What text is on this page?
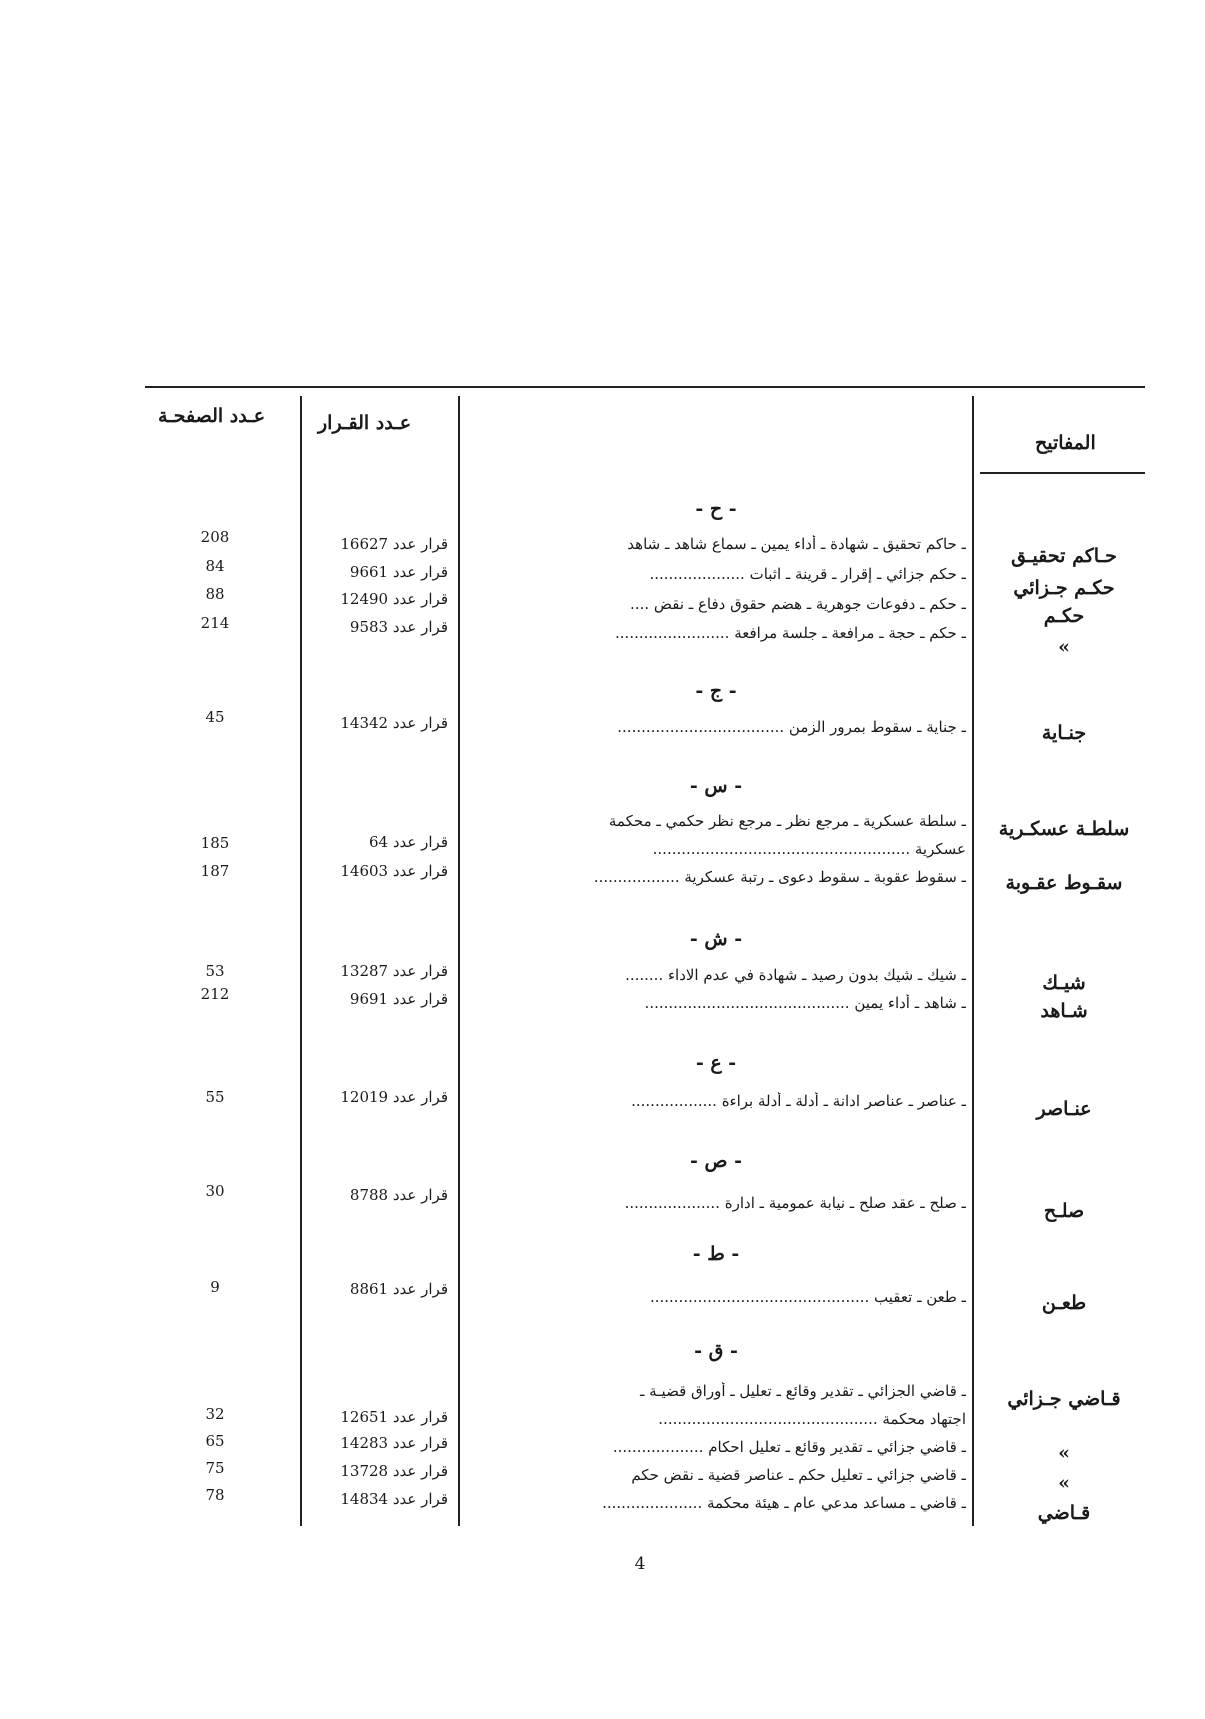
عـدد الصفحـة	عـدد القـرار
المفاتيح
- ح -
حـاكم تحقيـق
ـ حاكم تحقيق ـ شهادة ـ أداء يمين ـ سماع شاهد ـ شاهد
قرار عدد 16627
208
حكـم جـزائي
ـ حكم جزائي ـ إقرار ـ قرينة ـ اثبات ....................
قرار عدد 9661
84
حكـم
ـ حكم ـ دفوعات جوهرية ـ هضم حقوق دفاع ـ نقض ....
قرار عدد 12490
88
»
ـ حكم ـ حجة ـ مرافعة ـ جلسة مرافعة ........................
قرار عدد 9583
214
- ج -
جنـاية
ـ جناية ـ سقوط بمرور الزمن ...................................
قرار عدد 14342
45
- س -
سلطـة عسكـرية
ـ سلطة عسكرية ـ مرجع نظر ـ مرجع نظر حكمي ـ محكمة
عسكرية ......................................................
قرار عدد 64
185
سقـوط عقـوبة
ـ سقوط عقوبة ـ سقوط دعوى ـ رتبة عسكرية ..................
قرار عدد 14603
187
- ش -
شيـك
ـ شيك ـ شيك بدون رصيد ـ شهادة في عدم الاداء ........
قرار عدد 13287
53
شـاهد
ـ شاهد ـ أداء يمين ...........................................
قرار عدد 9691
212
- ع -
عنـاصر
ـ عناصر ـ عناصر ادانة ـ أدلة ـ أدلة براءة ..................
قرار عدد 12019
55
- ص -
صلـح
ـ صلح ـ عقد صلح ـ نيابة عمومية ـ ادارة ....................
قرار عدد 8788
30
- ط -
طعـن
ـ طعن ـ تعقيب ..............................................
قرار عدد 8861
9
- ق -
قـاضي جـزائي
ـ قاضي الجزائي ـ تقدير وقائع ـ تعليل ـ أوراق قضيـة ـ
اجتهاد محكمة ..............................................
قرار عدد 12651
32
»
ـ قاضي جزائي ـ تقدير وقائع ـ تعليل احكام ...................
قرار عدد 14283
65
»
ـ قاضي جزائي ـ تعليل حكم ـ عناصر قضية ـ نقض حكم
قرار عدد 13728
75
قـاضي
ـ قاضي ـ مساعد مدعي عام ـ هيئة محكمة .....................
قرار عدد 14834
78
4
